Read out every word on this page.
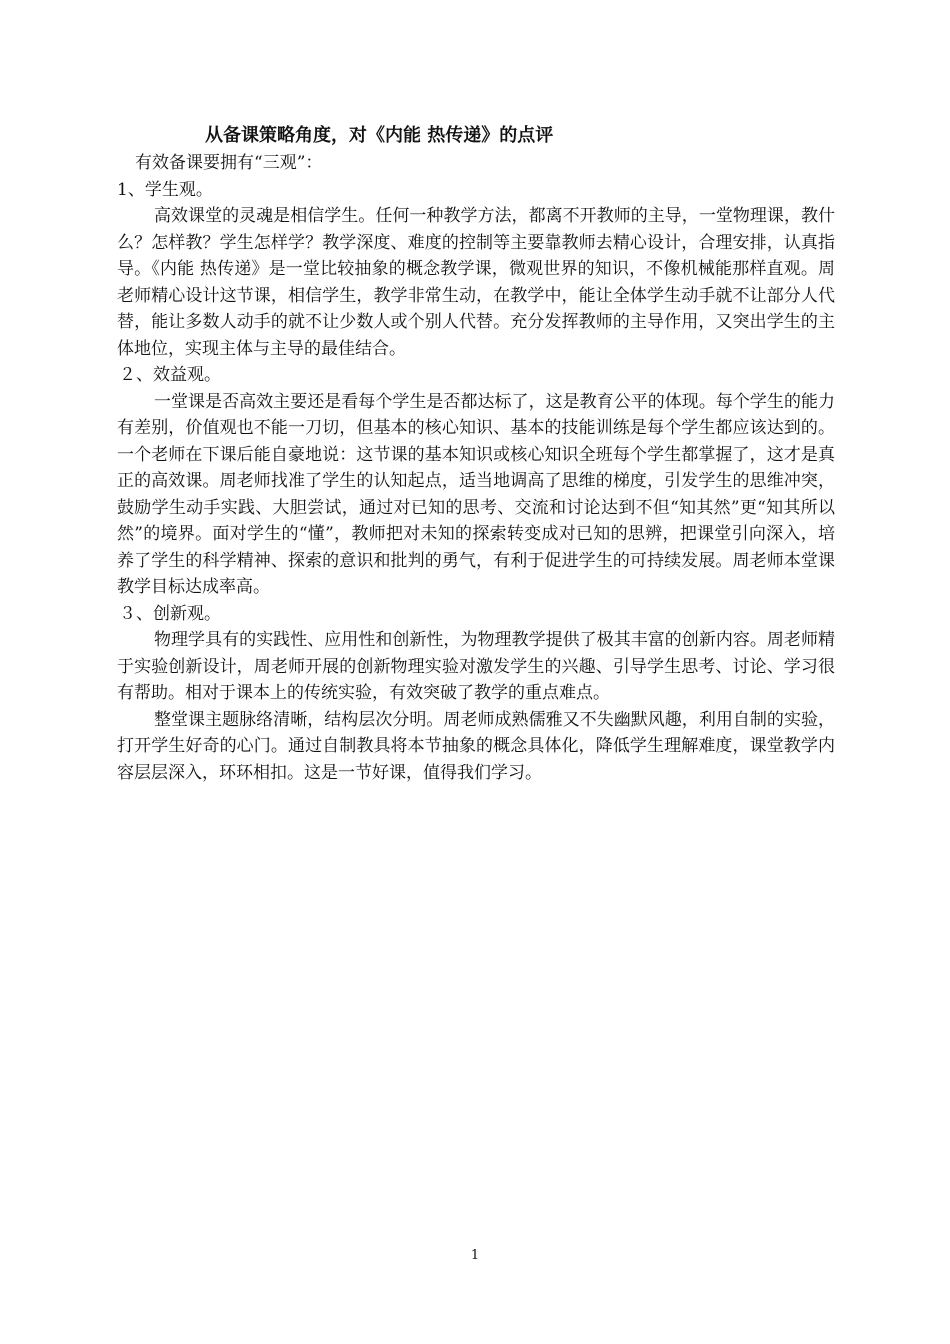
从备课策略角度，对《内能 热传递》的点评

有效备课要拥有“三观”：

1、学生观。

高效课堂的灵魂是相信学生。任何一种教学方法，都离不开教师的主导，一堂物理课，教什么？怎样教？学生怎样学？教学深度、难度的控制等主要靠教师去精心设计，合理安排，认真指导。《内能 热传递》是一堂比较抽象的概念教学课，微观世界的知识，不像机械能那样直观。周老师精心设计这节课，相信学生，教学非常生动，在教学中，能让全体学生动手就不让部分人代替，能让多数人动手的就不让少数人或个别人代替。充分发挥教师的主导作用，又突出学生的主体地位，实现主体与主导的最佳结合。

２、效益观。

一堂课是否高效主要还是看每个学生是否都达标了，这是教育公平的体现。每个学生的能力有差别，价值观也不能一刀切，但基本的核心知识、基本的技能训练是每个学生都应该达到的。一个老师在下课后能自豪地说：这节课的基本知识或核心知识全班每个学生都掌握了，这才是真正的高效课。周老师找准了学生的认知起点，适当地调高了思维的梯度，引发学生的思维冲突，鼓励学生动手实践、大胆尝试，通过对已知的思考、交流和讨论达到不但“知其然”更“知其所以然”的境界。面对学生的“懂”，教师把对未知的探索转变成对已知的思辨，把课堂引向深入，培养了学生的科学精神、探索的意识和批判的勇气，有利于促进学生的可持续发展。周老师本堂课教学目标达成率高。

３、创新观。

物理学具有的实践性、应用性和创新性，为物理教学提供了极其丰富的创新内容。周老师精于实验创新设计，周老师开展的创新物理实验对激发学生的兴趣、引导学生思考、讨论、学习很有帮助。相对于课本上的传统实验，有效突破了教学的重点难点。

整堂课主题脉络清晰，结构层次分明。周老师成熟儒雅又不失幽默风趣，利用自制的实验，打开学生好奇的心门。通过自制教具将本节抽象的概念具体化，降低学生理解难度，课堂教学内容层层深入，环环相扣。这是一节好课，值得我们学习。

1
